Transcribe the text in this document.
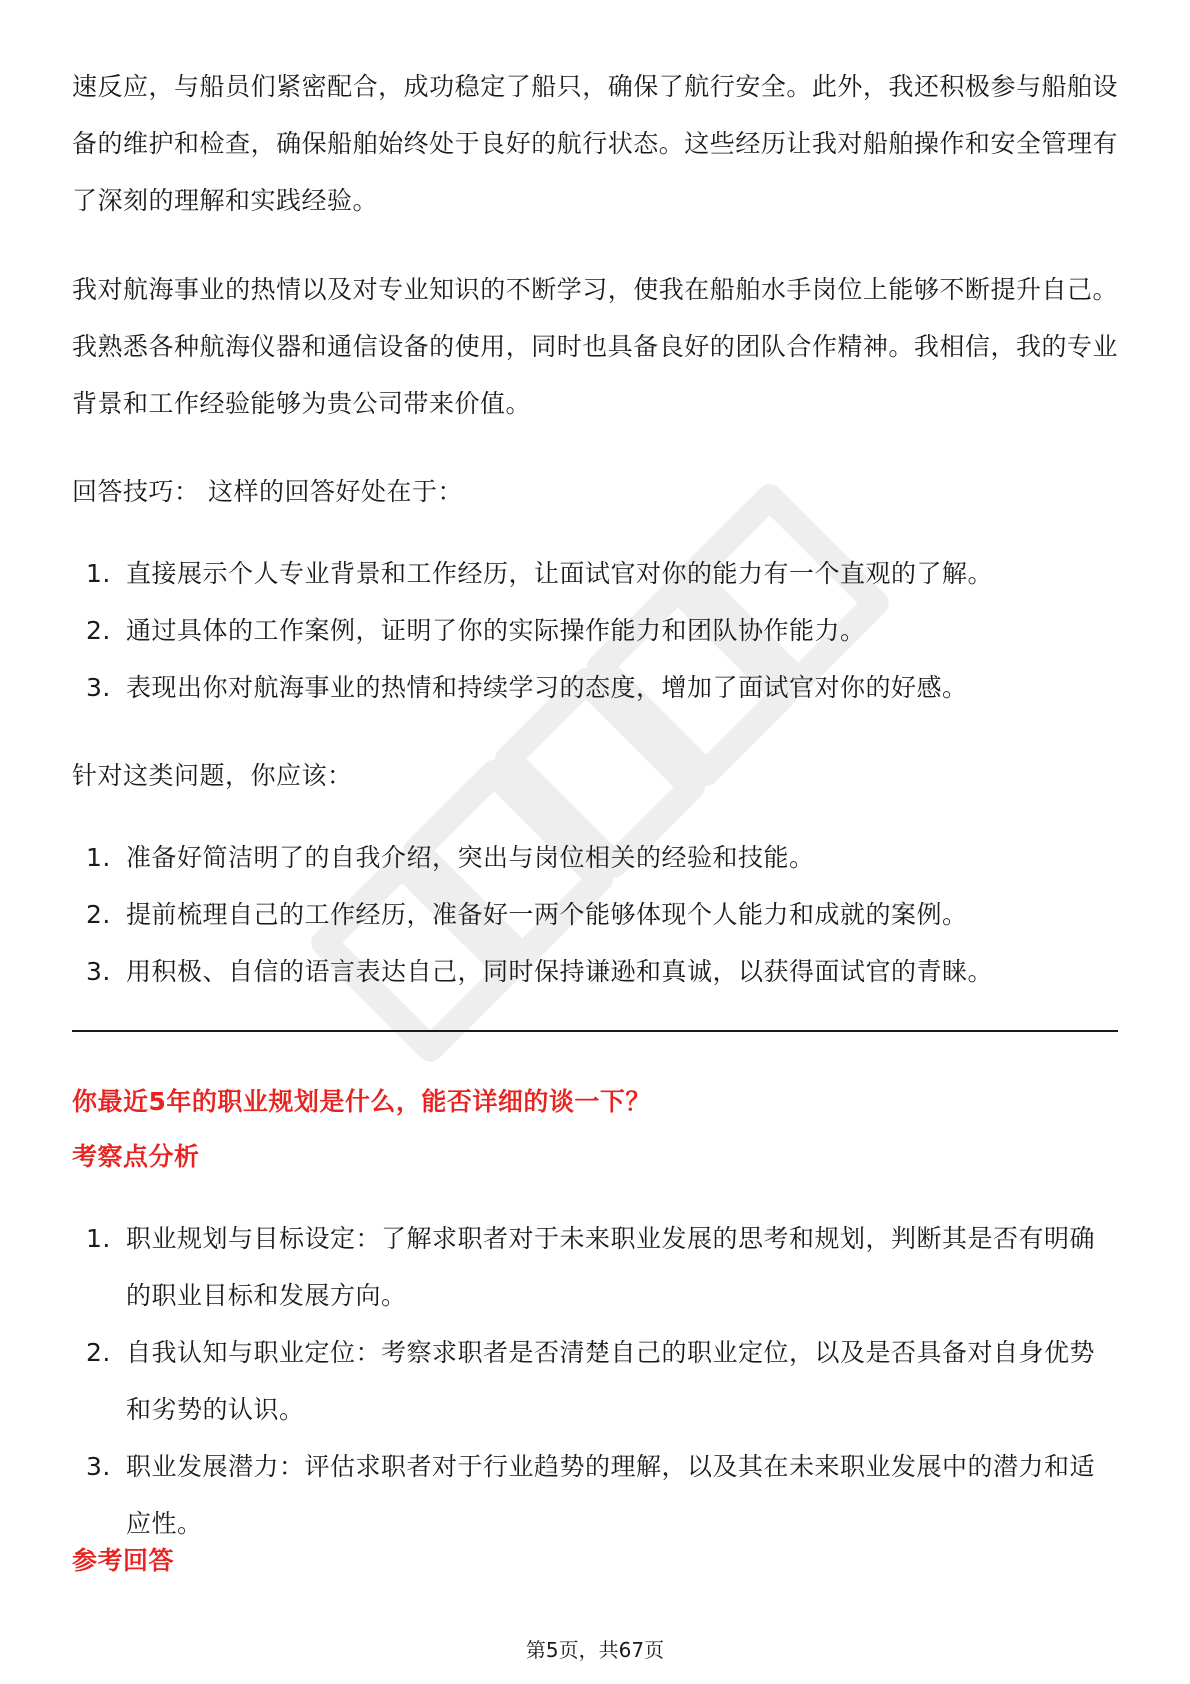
速反应，与船员们紧密配合，成功稳定了船只，确保了航行安全。此外，我还积极参与船舶设备的维护和检查，确保船舶始终处于良好的航行状态。这些经历让我对船舶操作和安全管理有了深刻的理解和实践经验。

我对航海事业的热情以及对专业知识的不断学习，使我在船舶水手岗位上能够不断提升自己。我熟悉各种航海仪器和通信设备的使用，同时也具备良好的团队合作精神。我相信，我的专业背景和工作经验能够为贵公司带来价值。

回答技巧： 这样的回答好处在于：

1. 直接展示个人专业背景和工作经历，让面试官对你的能力有一个直观的了解。
2. 通过具体的工作案例，证明了你的实际操作能力和团队协作能力。
3. 表现出你对航海事业的热情和持续学习的态度，增加了面试官对你的好感。

针对这类问题，你应该：

1. 准备好简洁明了的自我介绍，突出与岗位相关的经验和技能。
2. 提前梳理自己的工作经历，准备好一两个能够体现个人能力和成就的案例。
3. 用积极、自信的语言表达自己，同时保持谦逊和真诚，以获得面试官的青睐。

你最近5年的职业规划是什么，能否详细的谈一下？

考察点分析

1. 职业规划与目标设定：了解求职者对于未来职业发展的思考和规划，判断其是否有明确的职业目标和发展方向。
2. 自我认知与职业定位：考察求职者是否清楚自己的职业定位，以及是否具备对自身优势和劣势的认识。
3. 职业发展潜力：评估求职者对于行业趋势的理解，以及其在未来职业发展中的潜力和适应性。

参考回答

第5页，共67页
